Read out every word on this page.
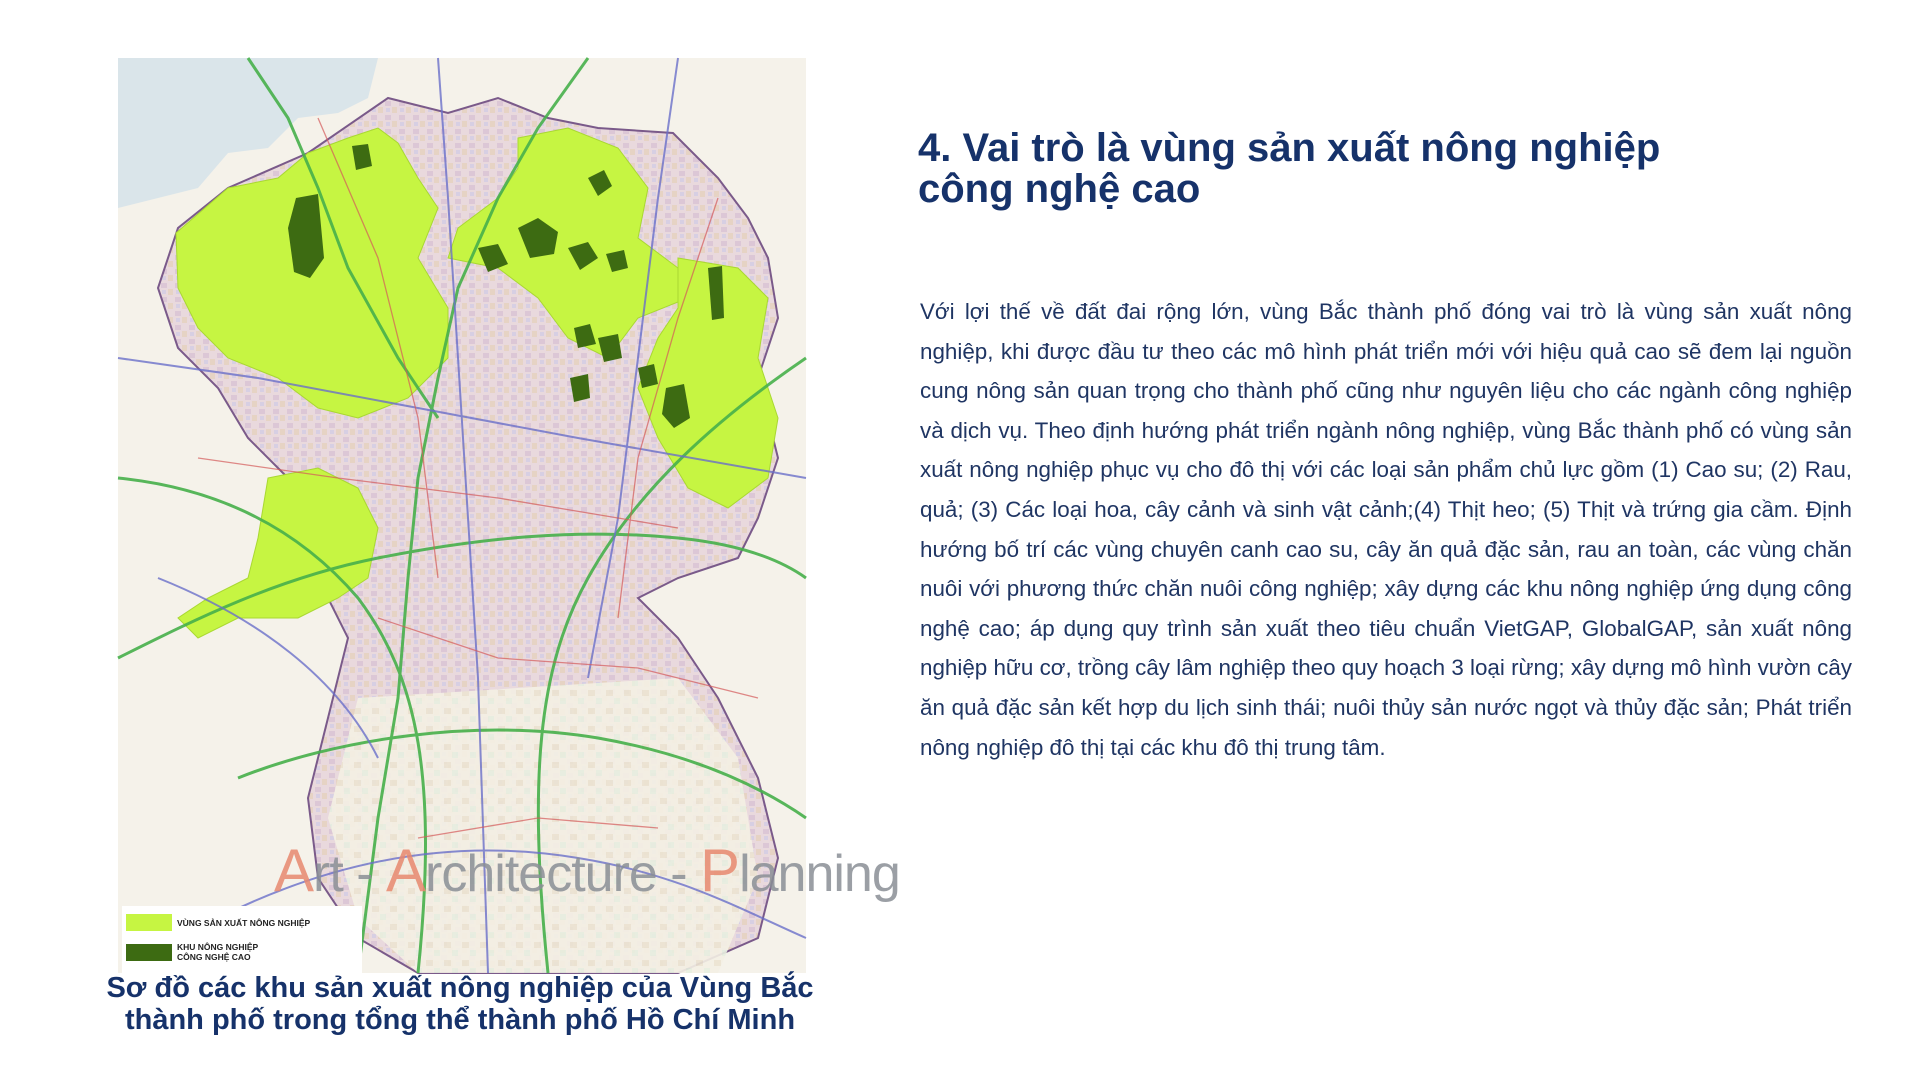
Art - Architecture - Planning
VÙNG SẢN XUẤT NÔNG NGHIỆP
KHU NÔNG NGHIỆP
CÔNG NGHỆ CAO
Sơ đồ các khu sản xuất nông nghiệp của Vùng Bắc
thành phố trong tổng thể thành phố Hồ Chí Minh
4. Vai trò là vùng sản xuất nông nghiệp
công nghệ cao
Với lợi thế về đất đai rộng lớn, vùng Bắc thành phố đóng vai trò là vùng sản xuất nông nghiệp, khi được đầu tư theo các mô hình phát triển mới với hiệu quả cao sẽ đem lại nguồn cung nông sản quan trọng cho thành phố cũng như nguyên liệu cho các ngành công nghiệp và dịch vụ. Theo định hướng phát triển ngành nông nghiệp, vùng Bắc thành phố có vùng sản xuất nông nghiệp phục vụ cho đô thị với các loại sản phẩm chủ lực gồm (1) Cao su; (2) Rau, quả; (3) Các loại hoa, cây cảnh và sinh vật cảnh;(4) Thịt heo; (5) Thịt và trứng gia cầm. Định hướng bố trí các vùng chuyên canh cao su, cây ăn quả đặc sản, rau an toàn, các vùng chăn nuôi với phương thức chăn nuôi công nghiệp; xây dựng các khu nông nghiệp ứng dụng công nghệ cao; áp dụng quy trình sản xuất theo tiêu chuẩn VietGAP, GlobalGAP, sản xuất nông nghiệp hữu cơ, trồng cây lâm nghiệp theo quy hoạch 3 loại rừng; xây dựng mô hình vườn cây ăn quả đặc sản kết hợp du lịch sinh thái; nuôi thủy sản nước ngọt và thủy đặc sản; Phát triển nông nghiệp đô thị tại các khu đô thị trung tâm.
